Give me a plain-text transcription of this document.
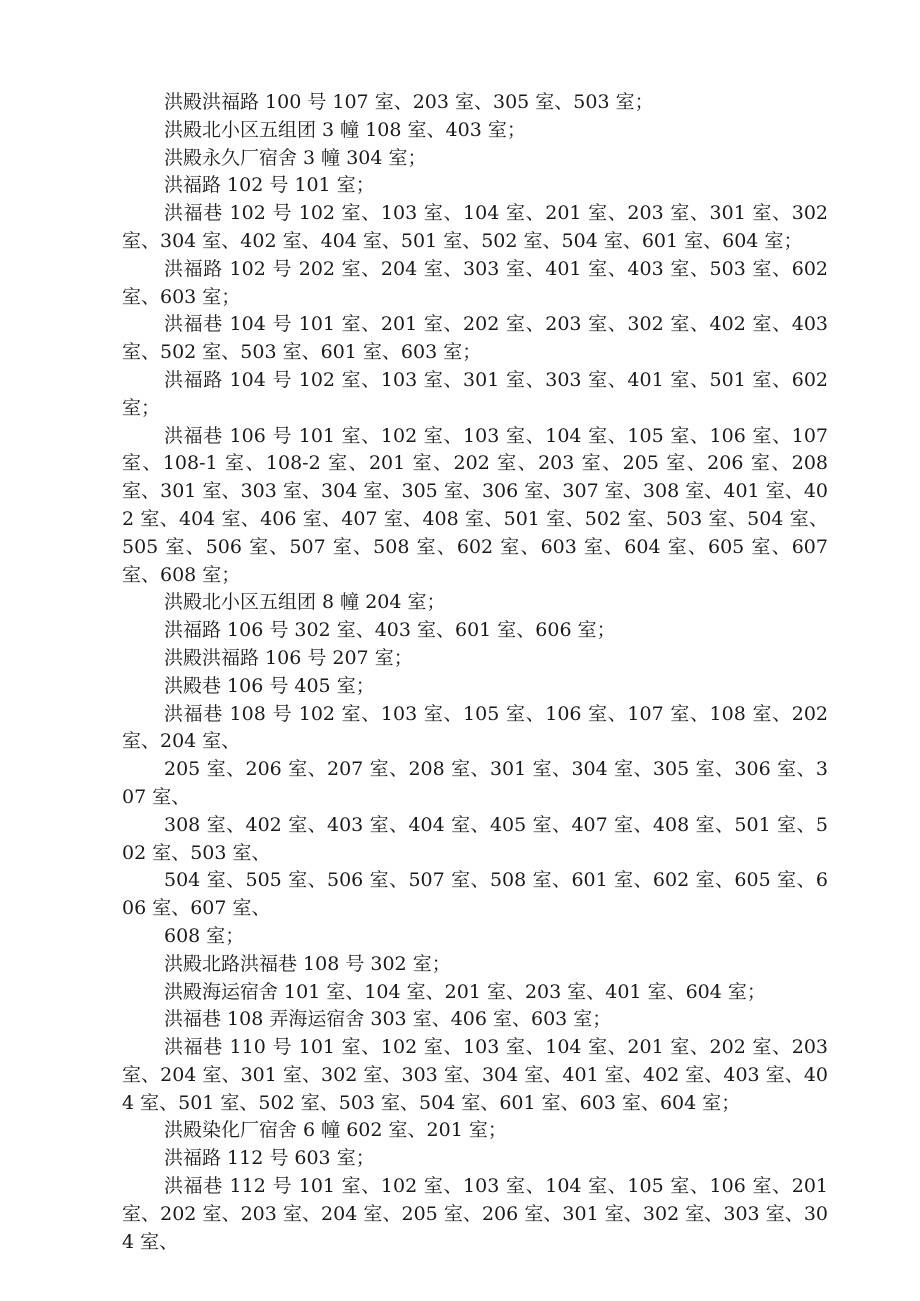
洪殿洪福路 100 号 107 室、203 室、305 室、503 室；

洪殿北小区五组团 3 幢 108 室、403 室；

洪殿永久厂宿舍 3 幢 304 室；

洪福路 102 号 101 室；

洪福巷 102 号 102 室、103 室、104 室、201 室、203 室、301 室、302 室、304 室、402 室、404 室、501 室、502 室、504 室、601 室、604 室；

洪福路 102 号 202 室、204 室、303 室、401 室、403 室、503 室、602 室、603 室；

洪福巷 104 号 101 室、201 室、202 室、203 室、302 室、402 室、403 室、502 室、503 室、601 室、603 室；

洪福路 104 号 102 室、103 室、301 室、303 室、401 室、501 室、602 室；

洪福巷 106 号 101 室、102 室、103 室、104 室、105 室、106 室、107 室、108-1 室、108-2 室、201 室、202 室、203 室、205 室、206 室、208 室、301 室、303 室、304 室、305 室、306 室、307 室、308 室、401 室、402 室、404 室、406 室、407 室、408 室、501 室、502 室、503 室、504 室、505 室、506 室、507 室、508 室、602 室、603 室、604 室、605 室、607 室、608 室；

洪殿北小区五组团 8 幢 204 室；

洪福路 106 号 302 室、403 室、601 室、606 室；

洪殿洪福路 106 号 207 室；

洪殿巷 106 号 405 室；

洪福巷 108 号 102 室、103 室、105 室、106 室、107 室、108 室、202 室、204 室、

205 室、206 室、207 室、208 室、301 室、304 室、305 室、306 室、307 室、

308 室、402 室、403 室、404 室、405 室、407 室、408 室、501 室、502 室、503 室、

504 室、505 室、506 室、507 室、508 室、601 室、602 室、605 室、606 室、607 室、

608 室；

洪殿北路洪福巷 108 号 302 室；

洪殿海运宿舍 101 室、104 室、201 室、203 室、401 室、604 室；

洪福巷 108 弄海运宿舍 303 室、406 室、603 室；

洪福巷 110 号 101 室、102 室、103 室、104 室、201 室、202 室、203 室、204 室、301 室、302 室、303 室、304 室、401 室、402 室、403 室、404 室、501 室、502 室、503 室、504 室、601 室、603 室、604 室；

洪殿染化厂宿舍 6 幢 602 室、201 室；

洪福路 112 号 603 室；

洪福巷 112 号 101 室、102 室、103 室、104 室、105 室、106 室、201 室、202 室、203 室、204 室、205 室、206 室、301 室、302 室、303 室、304 室、
